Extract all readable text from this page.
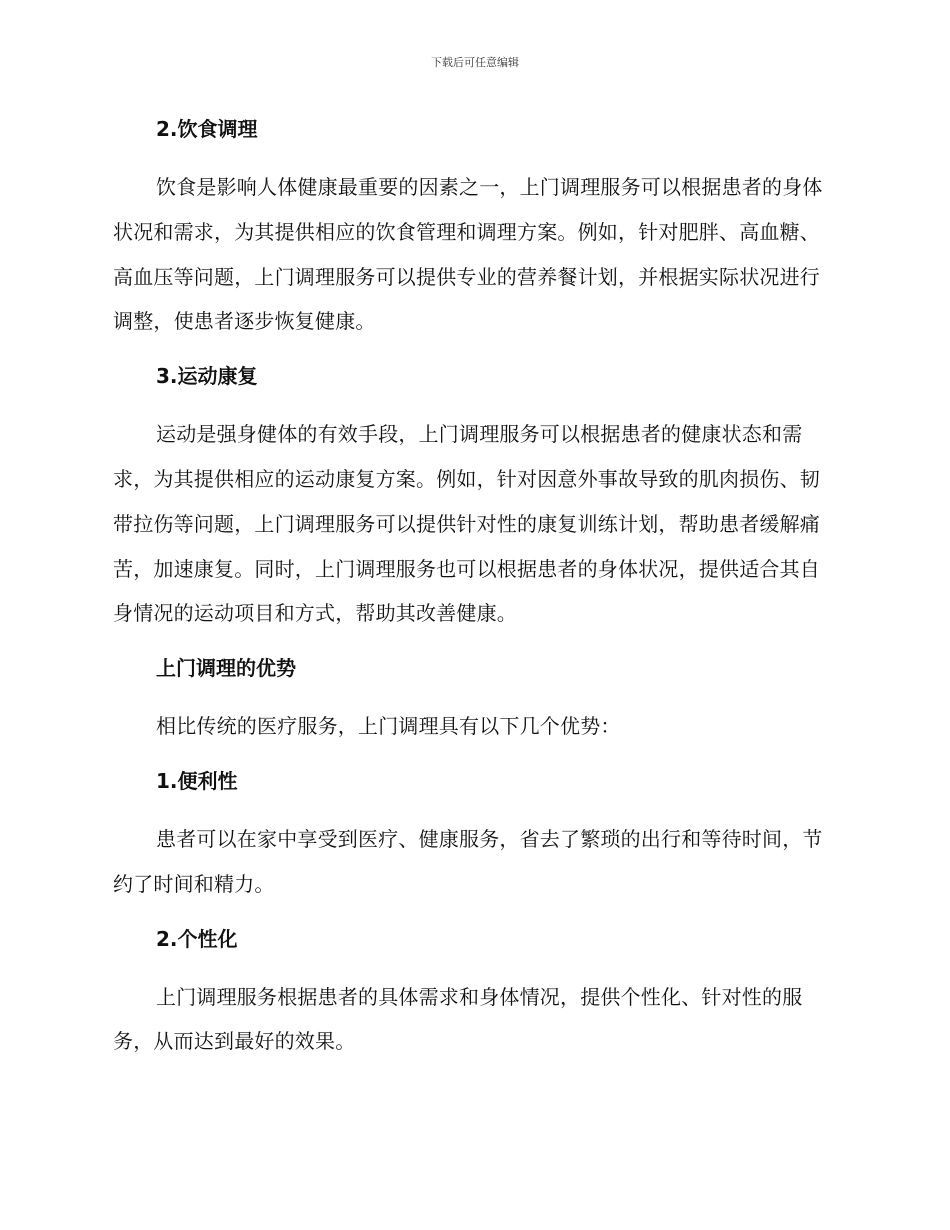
下载后可任意编辑
2.饮食调理

饮食是影响人体健康最重要的因素之一，上门调理服务可以根据患者的身体状况和需求，为其提供相应的饮食管理和调理方案。例如，针对肥胖、高血糖、高血压等问题，上门调理服务可以提供专业的营养餐计划，并根据实际状况进行调整，使患者逐步恢复健康。

3.运动康复

运动是强身健体的有效手段，上门调理服务可以根据患者的健康状态和需求，为其提供相应的运动康复方案。例如，针对因意外事故导致的肌肉损伤、韧带拉伤等问题，上门调理服务可以提供针对性的康复训练计划，帮助患者缓解痛苦，加速康复。同时，上门调理服务也可以根据患者的身体状况，提供适合其自身情况的运动项目和方式，帮助其改善健康。

上门调理的优势

相比传统的医疗服务，上门调理具有以下几个优势：

1.便利性

患者可以在家中享受到医疗、健康服务，省去了繁琐的出行和等待时间，节约了时间和精力。

2.个性化

上门调理服务根据患者的具体需求和身体情况，提供个性化、针对性的服务，从而达到最好的效果。
